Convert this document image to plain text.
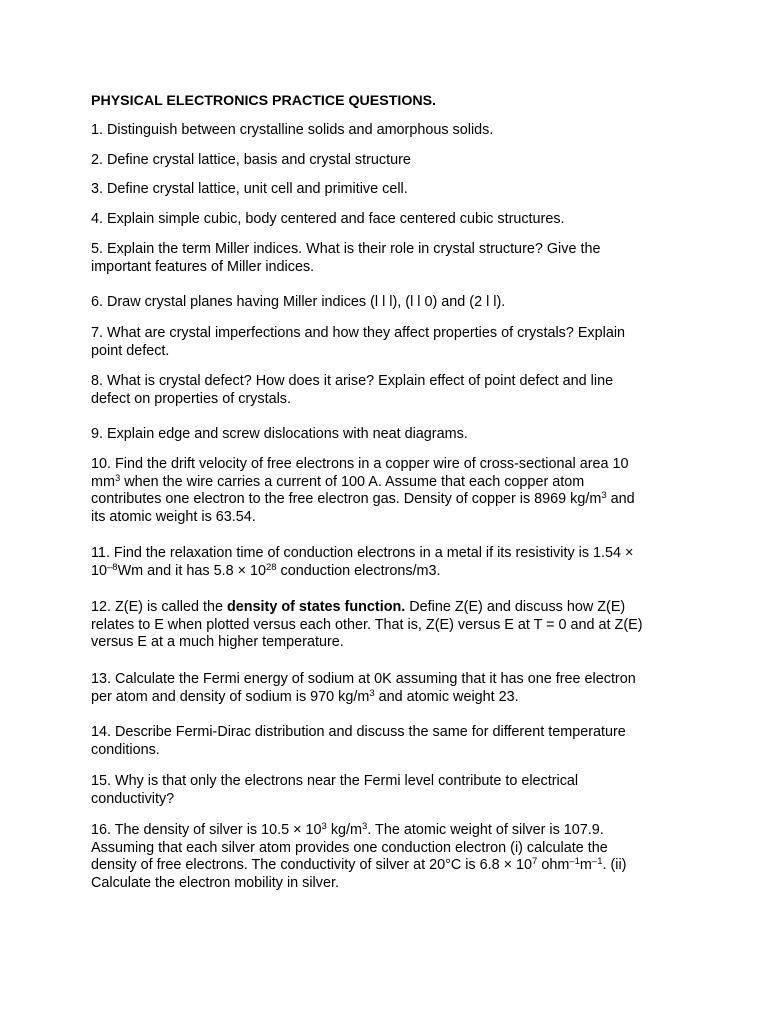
PHYSICAL ELECTRONICS PRACTICE QUESTIONS.
1. Distinguish between crystalline solids and amorphous solids.
2. Define crystal lattice, basis and crystal structure
3. Define crystal lattice, unit cell and primitive cell.
4. Explain simple cubic, body centered and face centered cubic structures.
5. Explain the term Miller indices. What is their role in crystal structure? Give the
important features of Miller indices.
6. Draw crystal planes having Miller indices (l l l), (l l 0) and (2 l l).
7. What are crystal imperfections and how they affect properties of crystals? Explain
point defect.
8. What is crystal defect? How does it arise? Explain effect of point defect and line
defect on properties of crystals.
9. Explain edge and screw dislocations with neat diagrams.
10. Find the drift velocity of free electrons in a copper wire of cross-sectional area 10
$mm^3$ when the wire carries a current of 100 A. Assume that each copper atom
contributes one electron to the free electron gas. Density of copper is 8969 $kg/m^3$ and
its atomic weight is 63.54.
11. Find the relaxation time of conduction electrons in a metal if its resistivity is 1.54 ×
$10^{-8}Wm$ and it has $5.8 \times 10^{28}$ conduction electrons/m3.
12. Z(E) is called the density of states function. Define Z(E) and discuss how Z(E)
relates to E when plotted versus each other. That is, Z(E) versus E at T = 0 and at Z(E)
versus E at a much higher temperature.
13. Calculate the Fermi energy of sodium at 0K assuming that it has one free electron
per atom and density of sodium is 970 $kg/m^3$ and atomic weight 23.
14. Describe Fermi-Dirac distribution and discuss the same for different temperature
conditions.
15. Why is that only the electrons near the Fermi level contribute to electrical
conductivity?
16. The density of silver is $10.5 \times 10^3$ $kg/m^3$. The atomic weight of silver is 107.9.
Assuming that each silver atom provides one conduction electron (i) calculate the
density of free electrons. The conductivity of silver at 20°C is $6.8 \times 10^7$ $ohm^{-1}m^{-1}$. (ii)
Calculate the electron mobility in silver.
